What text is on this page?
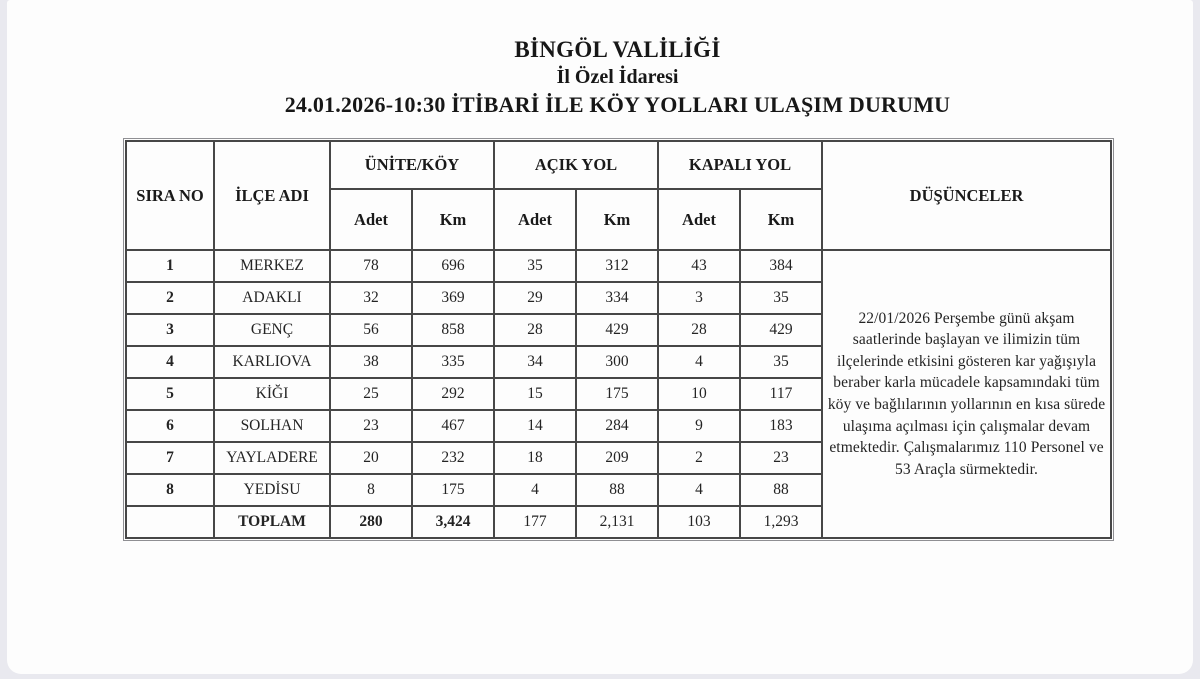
BİNGÖL VALİLİĞİ

İl Özel İdaresi

24.01.2026-10:30 İTİBARİ İLE KÖY YOLLARI ULAŞIM DURUMU

SIRA NO	İLÇE ADI	ÜNİTE/KÖY		AÇIK YOL		KAPALI YOL		DÜŞÜNCELER
		Adet	Km	Adet	Km	Adet	Km	
1	MERKEZ	78	696	35	312	43	384	22/01/2026 Perşembe günü akşam saatlerinde başlayan ve ilimizin tüm ilçelerinde etkisini gösteren kar yağışıyla beraber karla mücadele kapsamındaki tüm köy ve bağlılarının yollarının en kısa sürede ulaşıma açılması için çalışmalar devam etmektedir. Çalışmalarımız 110 Personel ve 53 Araçla sürmektedir.
2	ADAKLI	32	369	29	334	3	35	
3	GENÇ	56	858	28	429	28	429	
4	KARLIOVA	38	335	34	300	4	35	
5	KİĞI	25	292	15	175	10	117	
6	SOLHAN	23	467	14	284	9	183	
7	YAYLADERE	20	232	18	209	2	23	
8	YEDİSU	8	175	4	88	4	88	
	TOPLAM	280	3,424	177	2,131	103	1,293	
